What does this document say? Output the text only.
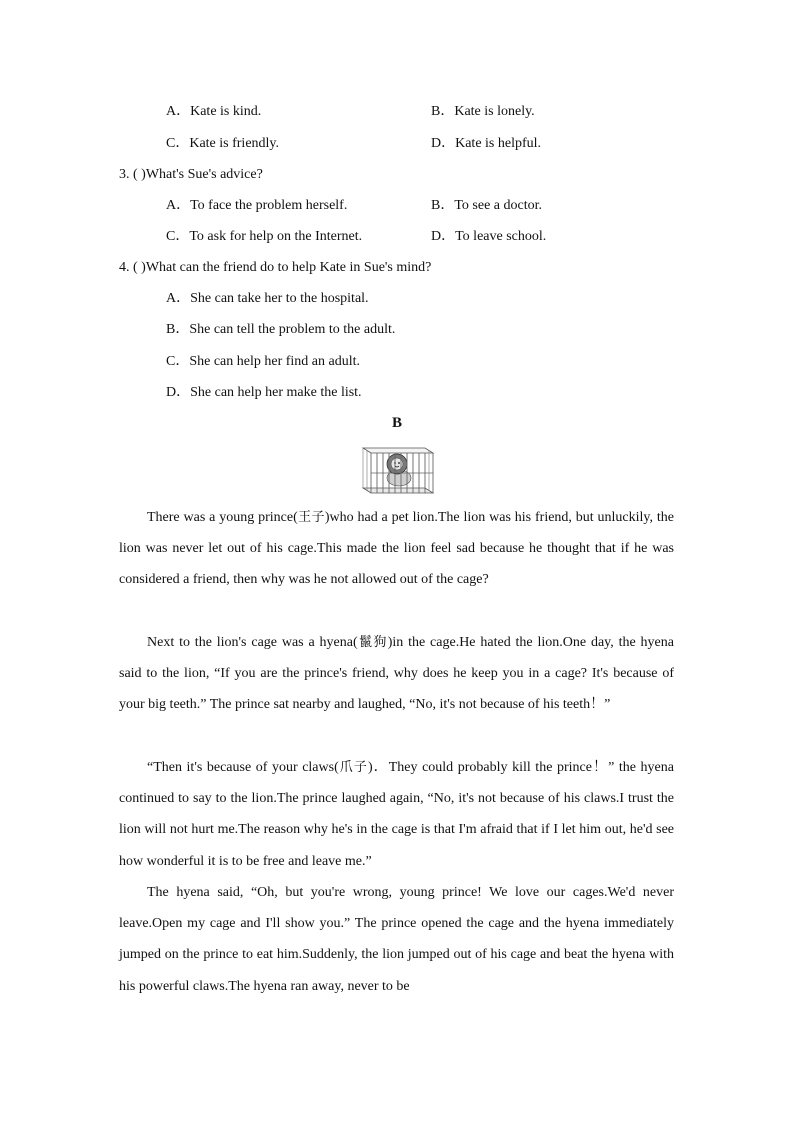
A．Kate is kind.	B．Kate is lonely.
C．Kate is friendly.	D．Kate is helpful.
3. ( )What's Sue's advice?
A．To face the problem herself.	B．To see a doctor.
C．To ask for help on the Internet.	D．To leave school.
4. ( )What can the friend do to help Kate in Sue's mind?
A．She can take her to the hospital.
B．She can tell the problem to the adult.
C．She can help her find an adult.
D．She can help her make the list.
B

There was a young prince(王子)who had a pet lion.The lion was his friend, but unluckily, the lion was never let out of his cage.This made the lion feel sad because he thought that if he was considered a friend, then why was he not allowed out of the cage?

Next to the lion's cage was a hyena(鬣狗)in the cage.He hated the lion.One day, the hyena said to the lion, “If you are the prince's friend, why does he keep you in a cage? It's because of your big teeth.” The prince sat nearby and laughed, “No, it's not because of his teeth！”

“Then it's because of your claws(爪子)．They could probably kill the prince！” the hyena continued to say to the lion.The prince laughed again, “No, it's not because of his claws.I trust the lion will not hurt me.The reason why he's in the cage is that I'm afraid that if I let him out, he'd see how wonderful it is to be free and leave me.”

The hyena said, “Oh, but you're wrong, young prince! We love our cages.We'd never leave.Open my cage and I'll show you.” The prince opened the cage and the hyena immediately jumped on the prince to eat him.Suddenly, the lion jumped out of his cage and beat the hyena with his powerful claws.The hyena ran away, never to be
